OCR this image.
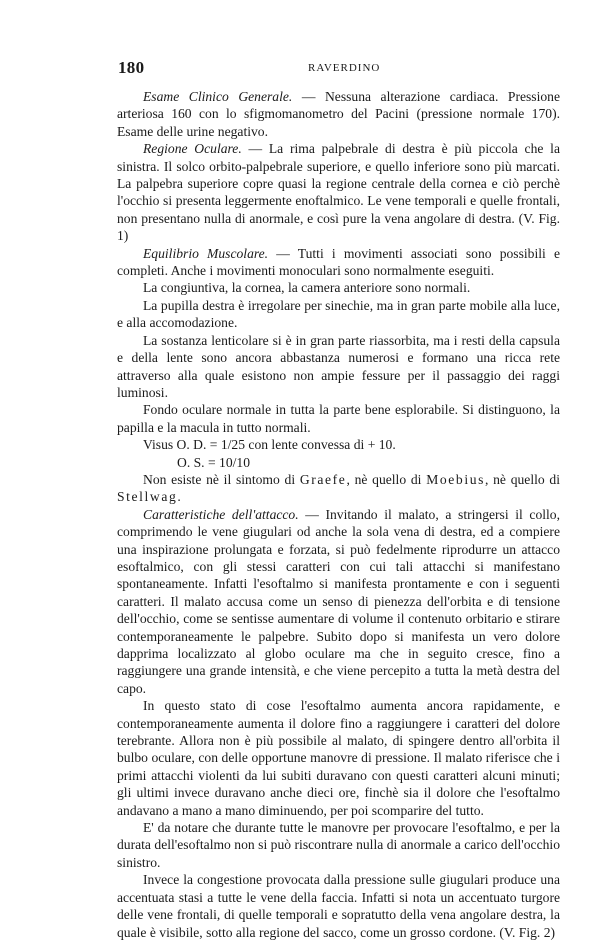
180	RAVERDINO

Esame Clinico Generale. — Nessuna alterazione cardiaca. Pressione arteriosa 160 con lo sfigmomanometro del Pacini (pressione normale 170). Esame delle urine negativo.

Regione Oculare. — La rima palpebrale di destra è più piccola che la sinistra. Il solco orbito-palpebrale superiore, e quello inferiore sono più marcati. La palpebra superiore copre quasi la regione centrale della cornea e ciò perchè l'occhio si presenta leggermente enoftalmico. Le vene temporali e quelle frontali, non presentano nulla di anormale, e così pure la vena angolare di destra. (V. Fig. 1)

Equilibrio Muscolare. — Tutti i movimenti associati sono possibili e completi. Anche i movimenti monoculari sono normalmente eseguiti.

La congiuntiva, la cornea, la camera anteriore sono normali.

La pupilla destra è irregolare per sinechie, ma in gran parte mobile alla luce, e alla accomodazione.

La sostanza lenticolare si è in gran parte riassorbita, ma i resti della capsula e della lente sono ancora abbastanza numerosi e formano una ricca rete attraverso alla quale esistono non ampie fessure per il passaggio dei raggi luminosi.

Fondo oculare normale in tutta la parte bene esplorabile. Si distinguono, la papilla e la macula in tutto normali.

Visus O. D. = 1/25 con lente convessa di + 10.

O. S. = 10/10

Non esiste nè il sintomo di Graefe, nè quello di Moebius, nè quello di Stellwag.

Caratteristiche dell'attacco. — Invitando il malato, a stringersi il collo, comprimendo le vene giugulari od anche la sola vena di destra, ed a compiere una inspirazione prolungata e forzata, si può fedelmente riprodurre un attacco esoftalmico, con gli stessi caratteri con cui tali attacchi si manifestano spontaneamente. Infatti l'esoftalmo si manifesta prontamente e con i seguenti caratteri. Il malato accusa come un senso di pienezza dell'orbita e di tensione dell'occhio, come se sentisse aumentare di volume il contenuto orbitario e stirare contemporaneamente le palpebre. Subito dopo si manifesta un vero dolore dapprima localizzato al globo oculare ma che in seguito cresce, fino a raggiungere una grande intensità, e che viene percepito a tutta la metà destra del capo.

In questo stato di cose l'esoftalmo aumenta ancora rapidamente, e contemporaneamente aumenta il dolore fino a raggiungere i caratteri del dolore terebrante. Allora non è più possibile al malato, di spingere dentro all'orbita il bulbo oculare, con delle opportune manovre di pressione. Il malato riferisce che i primi attacchi violenti da lui subiti duravano con questi caratteri alcuni minuti; gli ultimi invece duravano anche dieci ore, finchè sia il dolore che l'esoftalmo andavano a mano a mano diminuendo, per poi scomparire del tutto.

E' da notare che durante tutte le manovre per provocare l'esoftalmo, e per la durata dell'esoftalmo non si può riscontrare nulla di anormale a carico dell'occhio sinistro.

Invece la congestione provocata dalla pressione sulle giugulari produce una accentuata stasi a tutte le vene della faccia. Infatti si nota un accentuato turgore delle vene frontali, di quelle temporali e sopratutto della vena angolare destra, la quale è visibile, sotto alla regione del sacco, come un grosso cordone. (V. Fig. 2)
